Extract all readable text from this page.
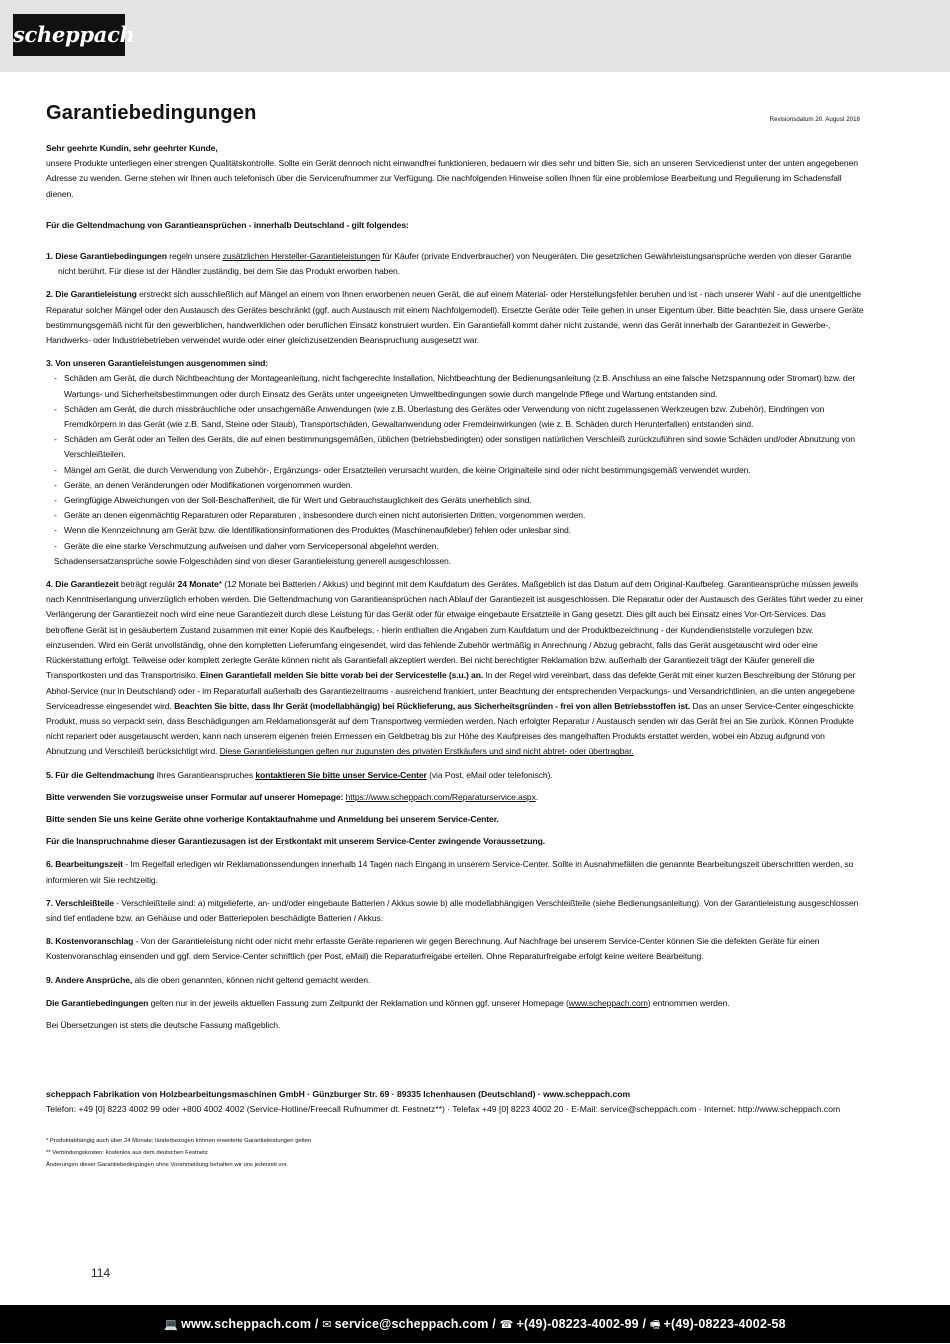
scheppach
Garantiebedingungen	Revisionsdatum 20. August 2018

Sehr geehrte Kundin, sehr geehrter Kunde,

unsere Produkte unterliegen einer strengen Qualitätskontrolle. Sollte ein Gerät dennoch nicht einwandfrei funktionieren, bedauern wir dies sehr und bitten Sie, sich an unseren Servicedienst unter der unten angegebenen Adresse zu wenden. Gerne stehen wir Ihnen auch telefonisch über die Servicerufnummer zur Verfügung. Die nachfolgenden Hinweise sollen Ihnen für eine problemlose Bearbeitung und Regulierung im Schadensfall dienen.

Für die Geltendmachung von Garantieansprüchen - innerhalb Deutschland - gilt folgendes:

1. Diese Garantiebedingungen regeln unsere zusätzlichen Hersteller-Garantieleistungen für Käufer (private Endverbraucher) von Neugeräten. Die gesetzlichen Gewährleistungsansprüche werden von dieser Garantie nicht berührt. Für diese ist der Händler zuständig, bei dem Sie das Produkt erworben haben.

2. Die Garantieleistung erstreckt sich ausschließlich auf Mängel an einem von Ihnen erworbenen neuen Gerät, die auf einem Material- oder Herstellungsfehler beruhen und ist - nach unserer Wahl - auf die unentgeltliche Reparatur solcher Mängel oder den Austausch des Gerätes beschränkt (ggf. auch Austausch mit einem Nachfolgemodell). Ersetzte Geräte oder Teile gehen in unser Eigentum über. Bitte beachten Sie, dass unsere Geräte bestimmungsgemäß nicht für den gewerblichen, handwerklichen oder beruflichen Einsatz konstruiert wurden. Ein Garantiefall kommt daher nicht zustande, wenn das Gerät innerhalb der Garantiezeit in Gewerbe-, Handwerks- oder Industriebetrieben verwendet wurde oder einer gleichzusetzenden Beanspruchung ausgesetzt war.

3. Von unseren Garantieleistungen ausgenommen sind:

- Schäden am Gerät, die durch Nichtbeachtung der Montageanleitung, nicht fachgerechte Installation, Nichtbeachtung der Bedienungsanleitung (z.B. Anschluss an eine falsche Netzspannung oder Stromart) bzw. der Wartungs- und Sicherheitsbestimmungen oder durch Einsatz des Geräts unter ungeeigneten Umweltbedingungen sowie durch mangelnde Pflege und Wartung entstanden sind.
- Schäden am Gerät, die durch missbräuchliche oder unsachgemäße Anwendungen (wie z.B. Überlastung des Gerätes oder Verwendung von nicht zugelassenen Werkzeugen bzw. Zubehör), Eindringen von Fremdkörpern in das Gerät (wie z.B. Sand, Steine oder Staub), Transportschäden, Gewaltanwendung oder Fremdeinwirkungen (wie z. B. Schäden durch Herunterfallen) entstanden sind.
- Schäden am Gerät oder an Teilen des Geräts, die auf einen bestimmungsgemäßen, üblichen (betriebsbedingten) oder sonstigen natürlichen Verschleiß zurückzuführen sind sowie Schäden und/oder Abnutzung von Verschleißteilen.
- Mängel am Gerät, die durch Verwendung von Zubehör-, Ergänzungs- oder Ersatzteilen verursacht wurden, die keine Originalteile sind oder nicht bestimmungsgemäß verwendet wurden.
- Geräte, an denen Veränderungen oder Modifikationen vorgenommen wurden.
- Geringfügige Abweichungen von der Soll-Beschaffenheit, die für Wert und Gebrauchstauglichkeit des Geräts unerheblich sind.
- Geräte an denen eigenmächtig Reparaturen oder Reparaturen , insbesondere durch einen nicht autorisierten Dritten, vorgenommen werden.
- Wenn die Kennzeichnung am Gerät bzw. die Identifikationsinformationen des Produktes (Maschinenaufkleber) fehlen oder unlesbar sind.
- Geräte die eine starke Verschmutzung aufweisen und daher vom Servicepersonal abgelehnt werden.

Schadensersatzansprüche sowie Folgeschäden sind von dieser Garantieleistung generell ausgeschlossen.

4. Die Garantiezeit beträgt regulär 24 Monate* (12 Monate bei Batterien / Akkus) und beginnt mit dem Kaufdatum des Gerätes. Maßgeblich ist das Datum auf dem Original-Kaufbeleg. Garantieansprüche müssen jeweils nach Kenntniserlangung unverzüglich erhoben werden. Die Geltendmachung von Garantieansprüchen nach Ablauf der Garantiezeit ist ausgeschlossen. Die Reparatur oder der Austausch des Gerätes führt weder zu einer Verlängerung der Garantiezeit noch wird eine neue Garantiezeit durch diese Leistung für das Gerät oder für etwaige eingebaute Ersatzteile in Gang gesetzt. Dies gilt auch bei Einsatz eines Vor-Ort-Services. Das betroffene Gerät ist in gesäubertem Zustand zusammen mit einer Kopie des Kaufbelegs, - hierin enthalten die Angaben zum Kaufdatum und der Produktbezeichnung - der Kundendienststelle vorzulegen bzw. einzusenden. Wird ein Gerät unvollständig, ohne den kompletten Lieferumfang eingesendet, wird das fehlende Zubehör wertmäßig in Anrechnung / Abzug gebracht, falls das Gerät ausgetauscht wird oder eine Rückerstattung erfolgt. Teilweise oder komplett zerlegte Geräte können nicht als Garantiefall akzeptiert werden. Bei nicht berechtigter Reklamation bzw. außerhalb der Garantiezeit trägt der Käufer generell die Transportkosten und das Transportrisiko. Einen Garantiefall melden Sie bitte vorab bei der Servicestelle (s.u.) an. In der Regel wird vereinbart, dass das defekte Gerät mit einer kurzen Beschreibung der Störung per Abhol-Service (nur in Deutschland) oder - im Reparaturfall außerhalb des Garantiezeitraums - ausreichend frankiert, unter Beachtung der entsprechenden Verpackungs- und Versandrichtlinien, an die unten angegebene Serviceadresse eingesendet wird. Beachten Sie bitte, dass Ihr Gerät (modellabhängig) bei Rücklieferung, aus Sicherheitsgründen - frei von allen Betriebsstoffen ist. Das an unser Service-Center eingeschickte Produkt, muss so verpackt sein, dass Beschädigungen am Reklamationsgerät auf dem Transportweg vermieden werden. Nach erfolgter Reparatur / Austausch senden wir das Gerät frei an Sie zurück. Können Produkte nicht repariert oder ausgetauscht werden, kann nach unserem eigenen freien Ermessen ein Geldbetrag bis zur Höhe des Kaufpreises des mangelhaften Produkts erstattet werden, wobei ein Abzug aufgrund von Abnutzung und Verschleiß berücksichtigt wird. Diese Garantieleistungen gelten nur zugunsten des privaten Erstkäufers und sind nicht abtret- oder übertragbar.

5. Für die Geltendmachung Ihres Garantieanspruches kontaktieren Sie bitte unser Service-Center (via Post, eMail oder telefonisch).

Bitte verwenden Sie vorzugsweise unser Formular auf unserer Homepage: https://www.scheppach.com/Reparaturservice.aspx.

Bitte senden Sie uns keine Geräte ohne vorherige Kontaktaufnahme und Anmeldung bei unserem Service-Center.

Für die Inanspruchnahme dieser Garantiezusagen ist der Erstkontakt mit unserem Service-Center zwingende Voraussetzung.

6. Bearbeitungszeit - Im Regelfall erledigen wir Reklamationssendungen innerhalb 14 Tagen nach Eingang in unserem Service-Center. Sollte in Ausnahmefällen die genannte Bearbeitungszeit überschritten werden, so informieren wir Sie rechtzeitig.

7. Verschleißteile - Verschleißteile sind: a) mitgelieferte, an- und/oder eingebaute Batterien / Akkus sowie b) alle modellabhängigen Verschleißteile (siehe Bedienungsanleitung). Von der Garantieleistung ausgeschlossen sind tief entladene bzw. an Gehäuse und oder Batteriepolen beschädigte Batterien / Akkus.

8. Kostenvoranschlag - Von der Garantieleistung nicht oder nicht mehr erfasste Geräte reparieren wir gegen Berechnung. Auf Nachfrage bei unserem Service-Center können Sie die defekten Geräte für einen Kostenvoranschlag einsenden und ggf. dem Service-Center schriftlich (per Post, eMail) die Reparaturfreigabe erteilen. Ohne Reparaturfreigabe erfolgt keine weitere Bearbeitung.

9. Andere Ansprüche, als die oben genannten, können nicht geltend gemacht werden.

Die Garantiebedingungen gelten nur in der jeweils aktuellen Fassung zum Zeitpunkt der Reklamation und können ggf. unserer Homepage (www.scheppach.com) entnommen werden.

Bei Übersetzungen ist stets die deutsche Fassung maßgeblich.

scheppach Fabrikation von Holzbearbeitungsmaschinen GmbH · Günzburger Str. 69 · 89335 Ichenhausen (Deutschland) · www.scheppach.com
Telefon: +49 [0] 8223 4002 99 oder +800 4002 4002 (Service-Hotline/Freecall Rufnummer dt. Festnetz**) · Telefax +49 [0] 8223 4002 20 · E-Mail: service@scheppach.com · Internet: http://www.scheppach.com
* Produktabhängig auch über 24 Monate; länderbezogen können erweiterte Garantieleistungen gelten
** Verbindungskosten: kostenlos aus dem deutschen Festnetz
Änderungen dieser Garantiebedingungen ohne Voranmeldung behalten wir uns jederzeit vor.
114
💻 www.scheppach.com / ✉ service@scheppach.com / ☎ +(49)-08223-4002-99 / 🖷 +(49)-08223-4002-58
